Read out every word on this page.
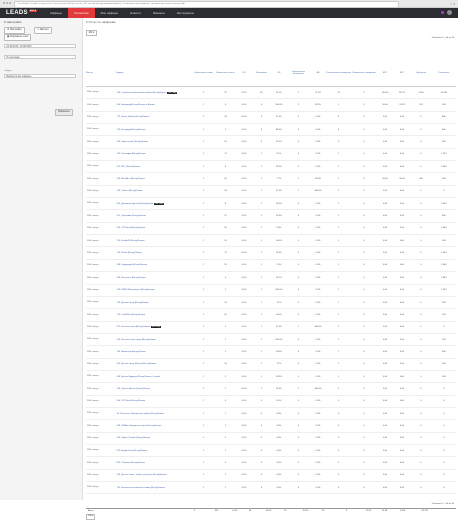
localhost:leads.su/partner/statistics/offers?stat_filter=offer&group=month&date_from=2016-08-01&date_to=2016-08-31&currency=rub	☆ ≡
LEADS BETA
Офферы	Статистика	Мои офферы	Новости	Финансы	Инструменты
≡ Настройки
⚙ Настройки	⇩ Экспорт
▣ Сохранить отчет
01.08.2016 - 31.08.2016
По месяцам
Оффер
Выберите все офферы
Применить
≡ Отчет по офферам
100 ▾
Показаны 1—34 из 34
Месяц	Оффер	Уникальные клики	Уникальные хосты	CR	Конверсия	CR	Одобренные конверсии	AR	Отклоненные конверсии	Конверсия в ожидании	EPC	EPL	Одобрено	Отклонено
2016, август	730, Ступеньки перспектива тейлинг [Интер]Заявка Тип: Тизер	1	22	2.5%	18	54.1%	2	11.1%	11	1	139.00	225.77	2 990	10 560
2016, август	694, Билтдорф [Интер]Заявка в Москве	1	6	0.0%	6	100.0%	2	33.3%	1	3	20.00	13.33	120	240
2016, август	712, Центр Займов [Интер]Заявка	1	33	0.0%	4	17.4%	0	0.0%	4	0	0.00	0.00	0	800
2016, август	713, Билтдорф [Интер]Заявка	1	9	0.0%	8	88.9%	0	0.0%	8	0	0.00	0.00	0	640
2016, август	244, Займ онлайн [Интер]Заявка	1	14	0.0%	3	21.4%	0	0.0%	3	0	0.00	0.00	0	450
2016, август	735, Тинькофф [Интер]Заявка	1	11	0.0%	1	9.1%	0	0.0%	1	0	0.00	0.00	0	2 700
2016, август	412, МТС [Интер]Заявка	1	8	0.0%	2	25.0%	0	0.0%	2	0	0.00	0.00	0	2 400
2016, август	730, МаниМэн [Интер]Заявка	1	26	0.0%	2	7.7%	1	50.0%	1	0	50.00	50.00	300	300
2016, август	130, Оплата [Интер]Заявка	1	18	0.0%	2	11.1%	2	100.0%	0	0	0.00	0.00	0	0
2016, август	655, Домашние Деньги [Интер]Заявка Тип: Тизер	1	8	0.0%	2	25.0%	0	0.0%	2	0	0.00	0.00	0	2 000
2016, август	551, Турбозайм [Интер]Заявка	1	15	0.0%	2	13.3%	0	0.0%	2	0	0.00	0.00	0	400
2016, август	566, ОТП Банк [Интер]Заявка	1	20	0.0%	1	5.0%	0	0.0%	1	0	0.00	0.00	0	1 800
2016, август	710, Kredito24 [Интер]Заявка	1	10	0.0%	1	10.0%	0	0.0%	1	0	0.00	0.00	0	200
2016, август	720, Platiza [Интер]Заявка	1	11	0.0%	2	18.2%	0	0.0%	2	0	0.00	0.00	0	1 000
2016, август	288, Хоумкредит [Интер]Заявка	1	19	0.0%	1	5.3%	0	0.0%	1	0	0.00	0.00	0	1 600
2016, август	536, Ренессанс [Интер]Заявка	1	6	0.0%	1	16.7%	0	0.0%	1	0	0.00	0.00	0	1 800
2016, август	220, ВТБ24 Мультикарта [Интер]Заявка	1	1	0.0%	1	100.0%	0	0.0%	1	0	0.00	0.00	0	2 200
2016, август	378, Деньги Сразу [Интер]Заявка	1	14	0.0%	1	7.1%	0	0.0%	1	0	0.00	0.00	0	300
2016, август	714, CreditPlus [Интер]Заявка	1	10	0.0%	1	10.0%	0	0.0%	1	0	0.00	0.00	0	250
2016, август	372, Честное слово [Интер]Заявка Тип: Тизер	1	9	0.0%	1	11.1%	1	100.0%	0	0	0.00	0.00	0	0
2016, август	700, Честное слово тизер [Интер]Заявка	1	1	0.0%	1	100.0%	0	0.0%	1	0	0.00	0.00	0	150
2016, август	730, Моментум [Интер]Заявка	1	5	0.0%	1	20.0%	0	0.0%	1	0	0.00	0.00	0	300
2016, август	312, Деньги Сразу Москва [Интер]Заявка	1	14	0.0%	1	7.1%	0	0.0%	1	0	0.00	0.00	0	300
2016, август	418, Деньги Будущее [Интер]Заявка. Онлайн	1	3	0.0%	1	33.3%	0	0.0%	1	0	0.00	0.00	0	200
2016, август	730, Срочно Деньги [Интер]Заявка	1	7	0.0%	1	14.3%	1	100.0%	0	0	0.00	0.00	0	0
2016, август	566, ОТП Банк [Интер]Заявка	1	4	0.0%	0	0.0%	0	0.0%	0	0	0.00	0.00	0	0
2016, август	58, Пикантная Правильные займы [Интер]Заявка	1	7	0.0%	0	0.0%	0	0.0%	0	0	0.00	0.00	0	0
2016, август	608, ЖЖБанк Кредитные карты [Интер]Заявка	1	2	0.0%	0	0.0%	0	0.0%	0	0	0.00	0.00	0	0
2016, август	620, Займы Онлайн [Интер]Заявка	1	3	0.0%	0	0.0%	0	0.0%	0	0	0.00	0.00	0	0
2016, август	675, Альфа-Банк [Интер]Заявка	1	1	0.0%	0	0.0%	0	0.0%	0	0	0.00	0.00	0	0
2016, август	694, Сбербанк [Интер]Заявка	1	3	0.0%	0	0.0%	0	0.0%	0	0	0.00	0.00	0	0
2016, август	700, Деньги Сразу - займы под залог [Интер]Заявка	1	2	0.0%	0	0.0%	0	0.0%	0	0	0.00	0.00	0	0
2016, август	742, Бесплатно мгновенные займы [Интер]Заявка	1	1	0.0%	0	0.0%	0	0.0%	0	0	0.00	0.00	0	0
Всего	0	451	0.0%	64	14.2%	10	15.6%	53	4	13.52	14.44	3 410	33 570
Показаны 1—34 из 34
100 ▾
